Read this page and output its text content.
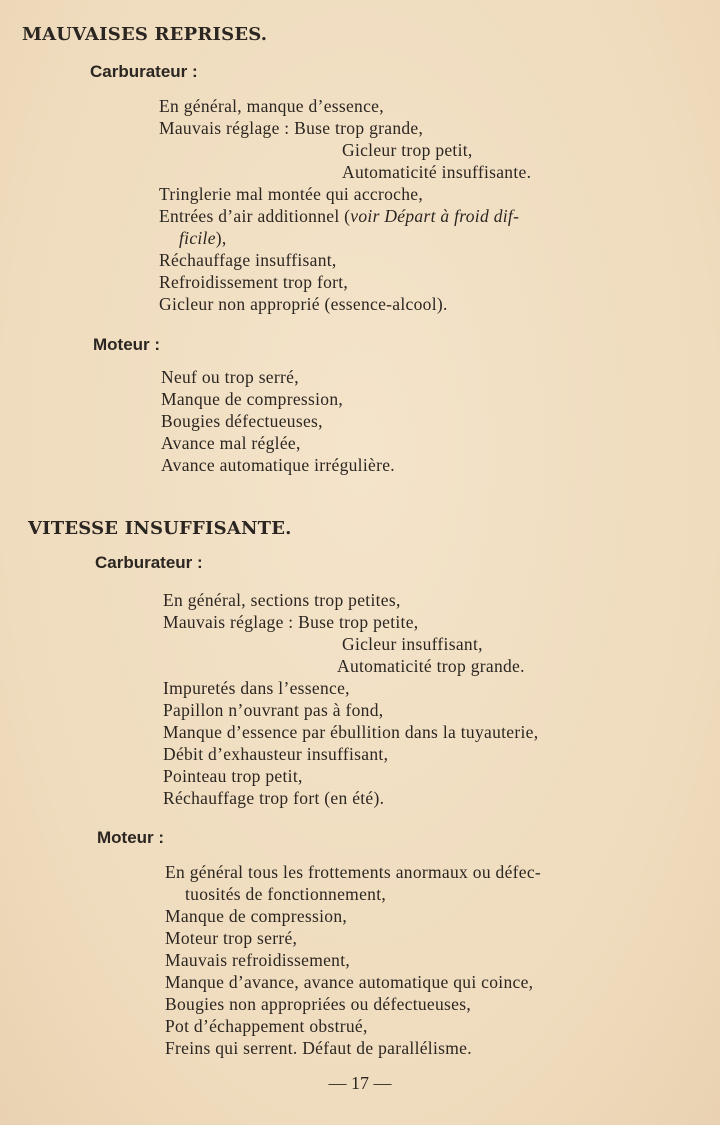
MAUVAISES REPRISES.
Carburateur :
En général, manque d’essence,
Mauvais réglage : Buse trop grande,
Gicleur trop petit,
Automaticité insuffisante.
Tringlerie mal montée qui accroche,
Entrées d’air additionnel (voir Départ à froid dif-
ficile),
Réchauffage insuffisant,
Refroidissement trop fort,
Gicleur non approprié (essence-alcool).
Moteur :
Neuf ou trop serré,
Manque de compression,
Bougies défectueuses,
Avance mal réglée,
Avance automatique irrégulière.
VITESSE INSUFFISANTE.
Carburateur :
En général, sections trop petites,
Mauvais réglage : Buse trop petite,
Gicleur insuffisant,
Automaticité trop grande.
Impuretés dans l’essence,
Papillon n’ouvrant pas à fond,
Manque d’essence par ébullition dans la tuyauterie,
Débit d’exhausteur insuffisant,
Pointeau trop petit,
Réchauffage trop fort (en été).
Moteur :
En général tous les frottements anormaux ou défec-
tuosités de fonctionnement,
Manque de compression,
Moteur trop serré,
Mauvais refroidissement,
Manque d’avance, avance automatique qui coince,
Bougies non appropriées ou défectueuses,
Pot d’échappement obstrué,
Freins qui serrent. Défaut de parallélisme.

— 17 —
